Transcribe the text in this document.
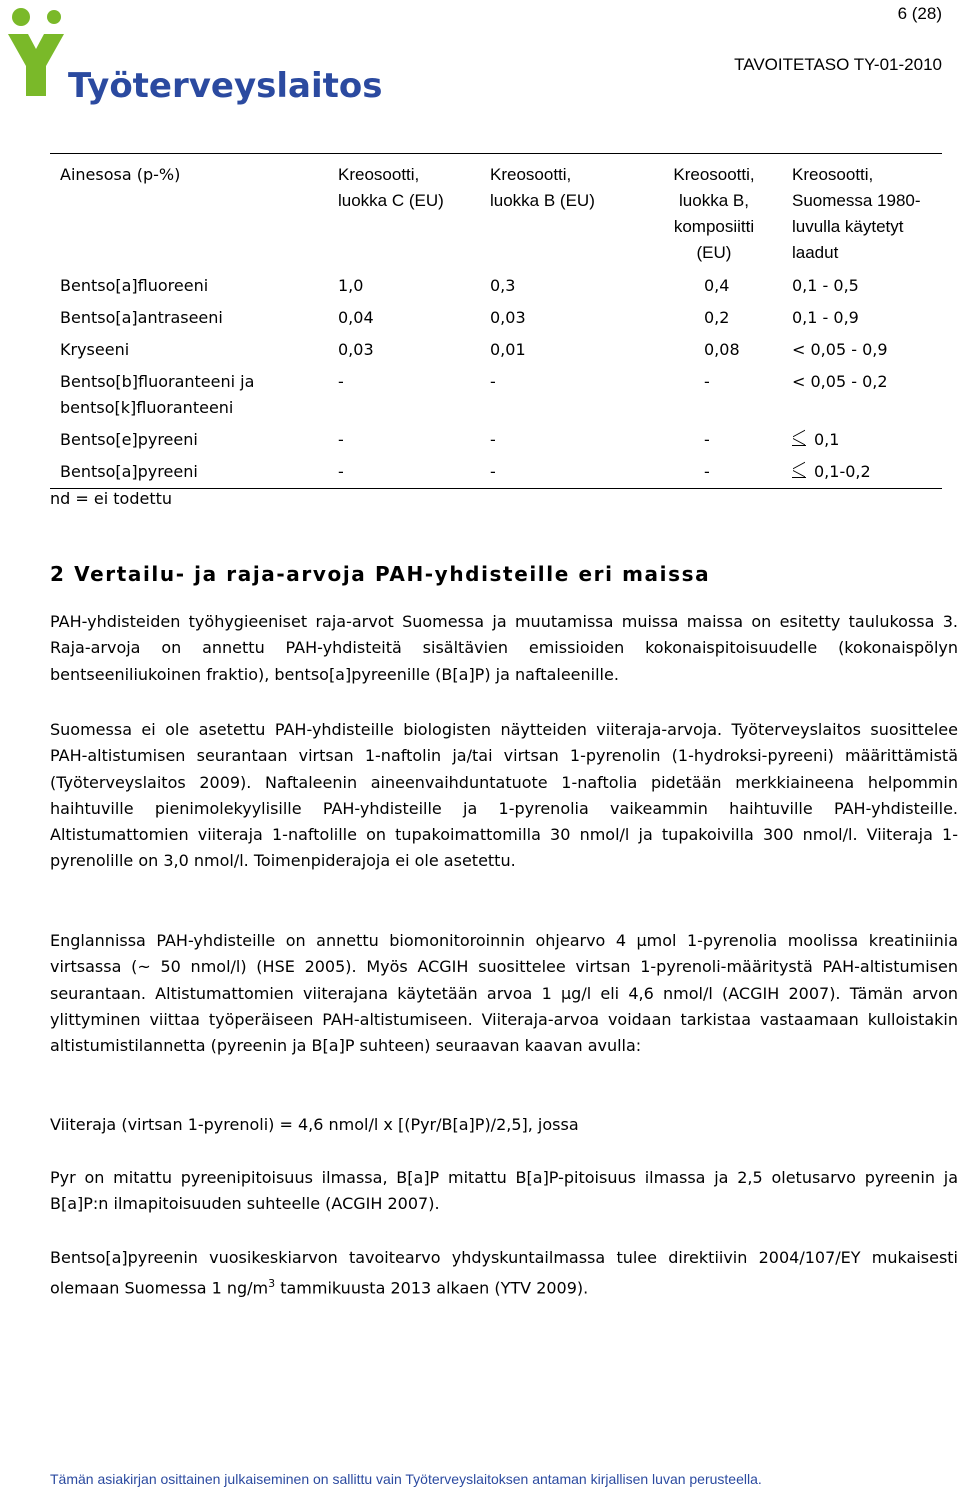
Työterveyslaitos
6 (28)
TAVOITETASO TY-01-2010
Ainesosa (p-%)	Kreosootti, luokka C (EU)	Kreosootti, luokka B (EU)	Kreosootti, luokka B, komposiitti (EU)	Kreosootti, Suomessa 1980-luvulla käytetyt laadut

Bentso[a]fluoreeni	1,0	0,3	0,4	0,1 - 0,5
Bentso[a]antraseeni	0,04	0,03	0,2	0,1 - 0,9
Kryseeni	0,03	0,01	0,08	< 0,05 - 0,9

Bentso[b]fluoranteeni ja bentso[k]fluoranteeni	-	-	-	< 0,05 - 0,2
Bentso[e]pyreeni	-	-	-	0,1
Bentso[a]pyreeni	-	-	-	0,1-0,2
nd = ei todettu
2 Vertailu- ja raja-arvoja PAH-yhdisteille eri maissa

PAH-yhdisteiden työhygieeniset raja-arvot Suomessa ja muutamissa muissa maissa on esitetty taulukossa 3. Raja-arvoja on annettu PAH-yhdisteitä sisältävien emissioiden kokonaispitoisuudelle (kokonaispölyn bentseeniliukoinen fraktio), bentso[a]pyreenille (B[a]P) ja naftaleenille.

Suomessa ei ole asetettu PAH-yhdisteille biologisten näytteiden viiteraja-arvoja. Työterveyslaitos suosittelee PAH-altistumisen seurantaan virtsan 1-naftolin ja/tai virtsan 1-pyrenolin (1-hydroksi-pyreeni) määrittämistä (Työterveyslaitos 2009). Naftaleenin aineenvaihduntatuote 1-naftolia pidetään merkkiaineena helpommin haihtuville pienimolekyylisille PAH-yhdisteille ja 1-pyrenolia vaikeammin haihtuville PAH-yhdisteille. Altistumattomien viiteraja 1-naftolille on tupakoimattomilla 30 nmol/l ja tupakoivilla 300 nmol/l. Viiteraja 1-pyrenolille on 3,0 nmol/l. Toimenpiderajoja ei ole asetettu.

Englannissa PAH-yhdisteille on annettu biomonitoroinnin ohjearvo 4 µmol 1-pyrenolia moolissa kreatiniinia virtsassa (~ 50 nmol/l) (HSE 2005). Myös ACGIH suosittelee virtsan 1-pyrenoli-määritystä PAH-altistumisen seurantaan. Altistumattomien viiterajana käytetään arvoa 1 µg/l eli 4,6 nmol/l (ACGIH 2007). Tämän arvon ylittyminen viittaa työperäiseen PAH-altistumiseen. Viiteraja-arvoa voidaan tarkistaa vastaamaan kulloistakin altistumistilannetta (pyreenin ja B[a]P suhteen) seuraavan kaavan avulla:

Viiteraja (virtsan 1-pyrenoli) = 4,6 nmol/l x [(Pyr/B[a]P)/2,5], jossa

Pyr on mitattu pyreenipitoisuus ilmassa, B[a]P mitattu B[a]P-pitoisuus ilmassa ja 2,5 oletusarvo pyreenin ja B[a]P:n ilmapitoisuuden suhteelle (ACGIH 2007).

Bentso[a]pyreenin vuosikeskiarvon tavoitearvo yhdyskuntailmassa tulee direktiivin 2004/107/EY mukaisesti olemaan Suomessa 1 $ng/m^3$ tammikuusta 2013 alkaen (YTV 2009).

Tämän asiakirjan osittainen julkaiseminen on sallittu vain Työterveyslaitoksen antaman kirjallisen luvan perusteella.
